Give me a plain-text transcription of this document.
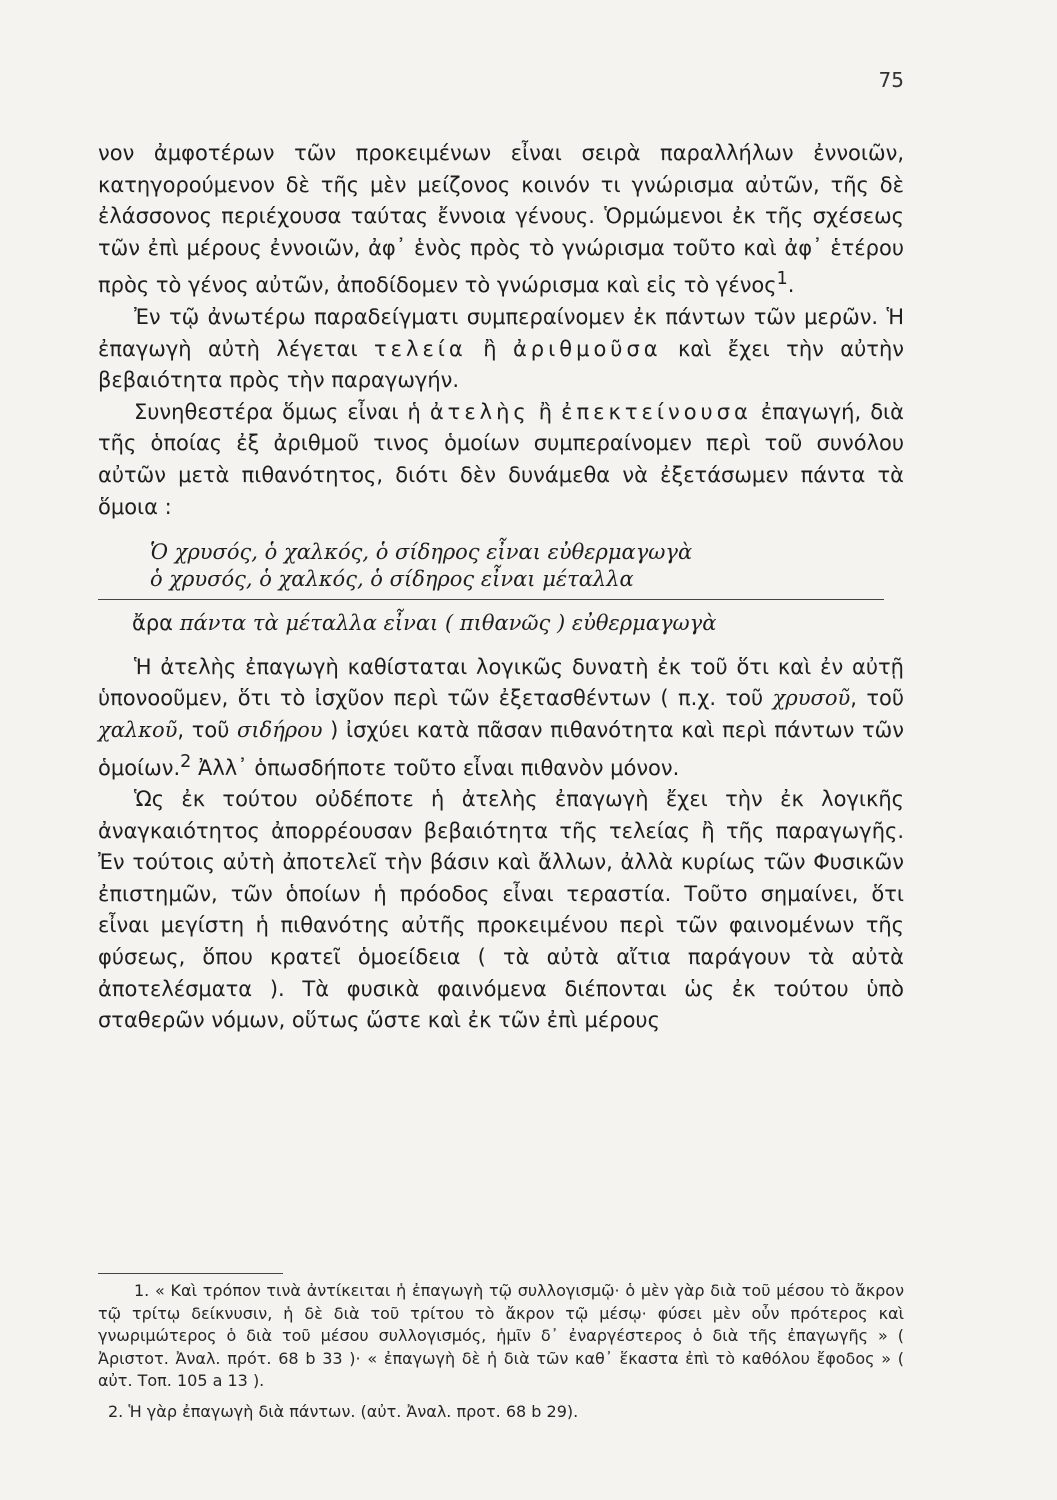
75

νον ἀμφοτέρων τῶν προκειμένων εἶναι σειρὰ παραλλήλων ἐννοιῶν, κατηγορούμενον δὲ τῆς μὲν μείζονος κοινόν τι γνώρισμα αὐτῶν, τῆς δὲ ἐλάσσονος περιέχουσα ταύτας ἔννοια γένους. Ὁρμώμενοι ἐκ τῆς σχέσεως τῶν ἐπὶ μέρους ἐννοιῶν, ἀφ᾽ ἑνὸς πρὸς τὸ γνώρισμα τοῦτο καὶ ἀφ᾽ ἑτέρου πρὸς τὸ γένος αὐτῶν, ἀποδίδομεν τὸ γνώρισμα καὶ εἰς τὸ γένος$^1$.

Ἐν τῷ ἀνωτέρω παραδείγματι συμπεραίνομεν ἐκ πάντων τῶν μερῶν. Ἡ ἐπαγωγὴ αὐτὴ λέγεται τελεία ἢ ἀριθμοῦσα καὶ ἔχει τὴν αὐτὴν βεβαιότητα πρὸς τὴν παραγωγήν.

Συνηθεστέρα ὅμως εἶναι ἡ ἀτελὴς ἢ ἐπεκτείνουσα ἐπαγωγή, διὰ τῆς ὁποίας ἐξ ἀριθμοῦ τινος ὁμοίων συμπεραίνομεν περὶ τοῦ συνόλου αὐτῶν μετὰ πιθανότητος, διότι δὲν δυνάμεθα νὰ ἐξετάσωμεν πάντα τὰ ὅμοια :

Ὁ χρυσός, ὁ χαλκός, ὁ σίδηρος εἶναι εὐθερμαγωγὰ
ὁ χρυσός, ὁ χαλκός, ὁ σίδηρος εἶναι μέταλλα
ἄρα πάντα τὰ μέταλλα εἶναι ( πιθανῶς ) εὐθερμαγωγὰ

Ἡ ἀτελὴς ἐπαγωγὴ καθίσταται λογικῶς δυνατὴ ἐκ τοῦ ὅτι καὶ ἐν αὐτῇ ὑπονοοῦμεν, ὅτι τὸ ἰσχῦον περὶ τῶν ἐξετασθέντων ( π.χ. τοῦ χρυσοῦ, τοῦ χαλκοῦ, τοῦ σιδήρου ) ἰσχύει κατὰ πᾶσαν πιθανότητα καὶ περὶ πάντων τῶν ὁμοίων.$^2$ Ἀλλ᾽ ὁπωσδήποτε τοῦτο εἶναι πιθανὸν μόνον.

Ὡς ἐκ τούτου οὐδέποτε ἡ ἀτελὴς ἐπαγωγὴ ἔχει τὴν ἐκ λογικῆς ἀναγκαιότητος ἀπορρέουσαν βεβαιότητα τῆς τελείας ἢ τῆς παραγωγῆς. Ἐν τούτοις αὐτὴ ἀποτελεῖ τὴν βάσιν καὶ ἄλλων, ἀλλὰ κυρίως τῶν Φυσικῶν ἐπιστημῶν, τῶν ὁποίων ἡ πρόοδος εἶναι τεραστία. Τοῦτο σημαίνει, ὅτι εἶναι μεγίστη ἡ πιθανότης αὐτῆς προκειμένου περὶ τῶν φαινομένων τῆς φύσεως, ὅπου κρατεῖ ὁμοείδεια ( τὰ αὐτὰ αἴτια παράγουν τὰ αὐτὰ ἀποτελέσματα ). Τὰ φυσικὰ φαινόμενα διέπονται ὡς ἐκ τούτου ὑπὸ σταθερῶν νόμων, οὕτως ὥστε καὶ ἐκ τῶν ἐπὶ μέρους

1. « Καὶ τρόπον τινὰ ἀντίκειται ἡ ἐπαγωγὴ τῷ συλλογισμῷ· ὁ μὲν γὰρ διὰ τοῦ μέσου τὸ ἄκρον τῷ τρίτῳ δείκνυσιν, ἡ δὲ διὰ τοῦ τρίτου τὸ ἄκρον τῷ μέσῳ· φύσει μὲν οὖν πρότερος καὶ γνωριμώτερος ὁ διὰ τοῦ μέσου συλλογισμός, ἡμῖν δ᾽ ἐναργέστερος ὁ διὰ τῆς ἐπαγωγῆς » ( Ἀριστοτ. Ἀναλ. πρότ. 68 b 33 )· « ἐπαγωγὴ δὲ ἡ διὰ τῶν καθ᾽ ἕκαστα ἐπὶ τὸ καθόλου ἔφοδος » ( αὐτ. Τοπ. 105 a 13 ).

2. Ἡ γὰρ ἐπαγωγὴ διὰ πάντων. (αὐτ. Ἀναλ. προτ. 68 b 29).
